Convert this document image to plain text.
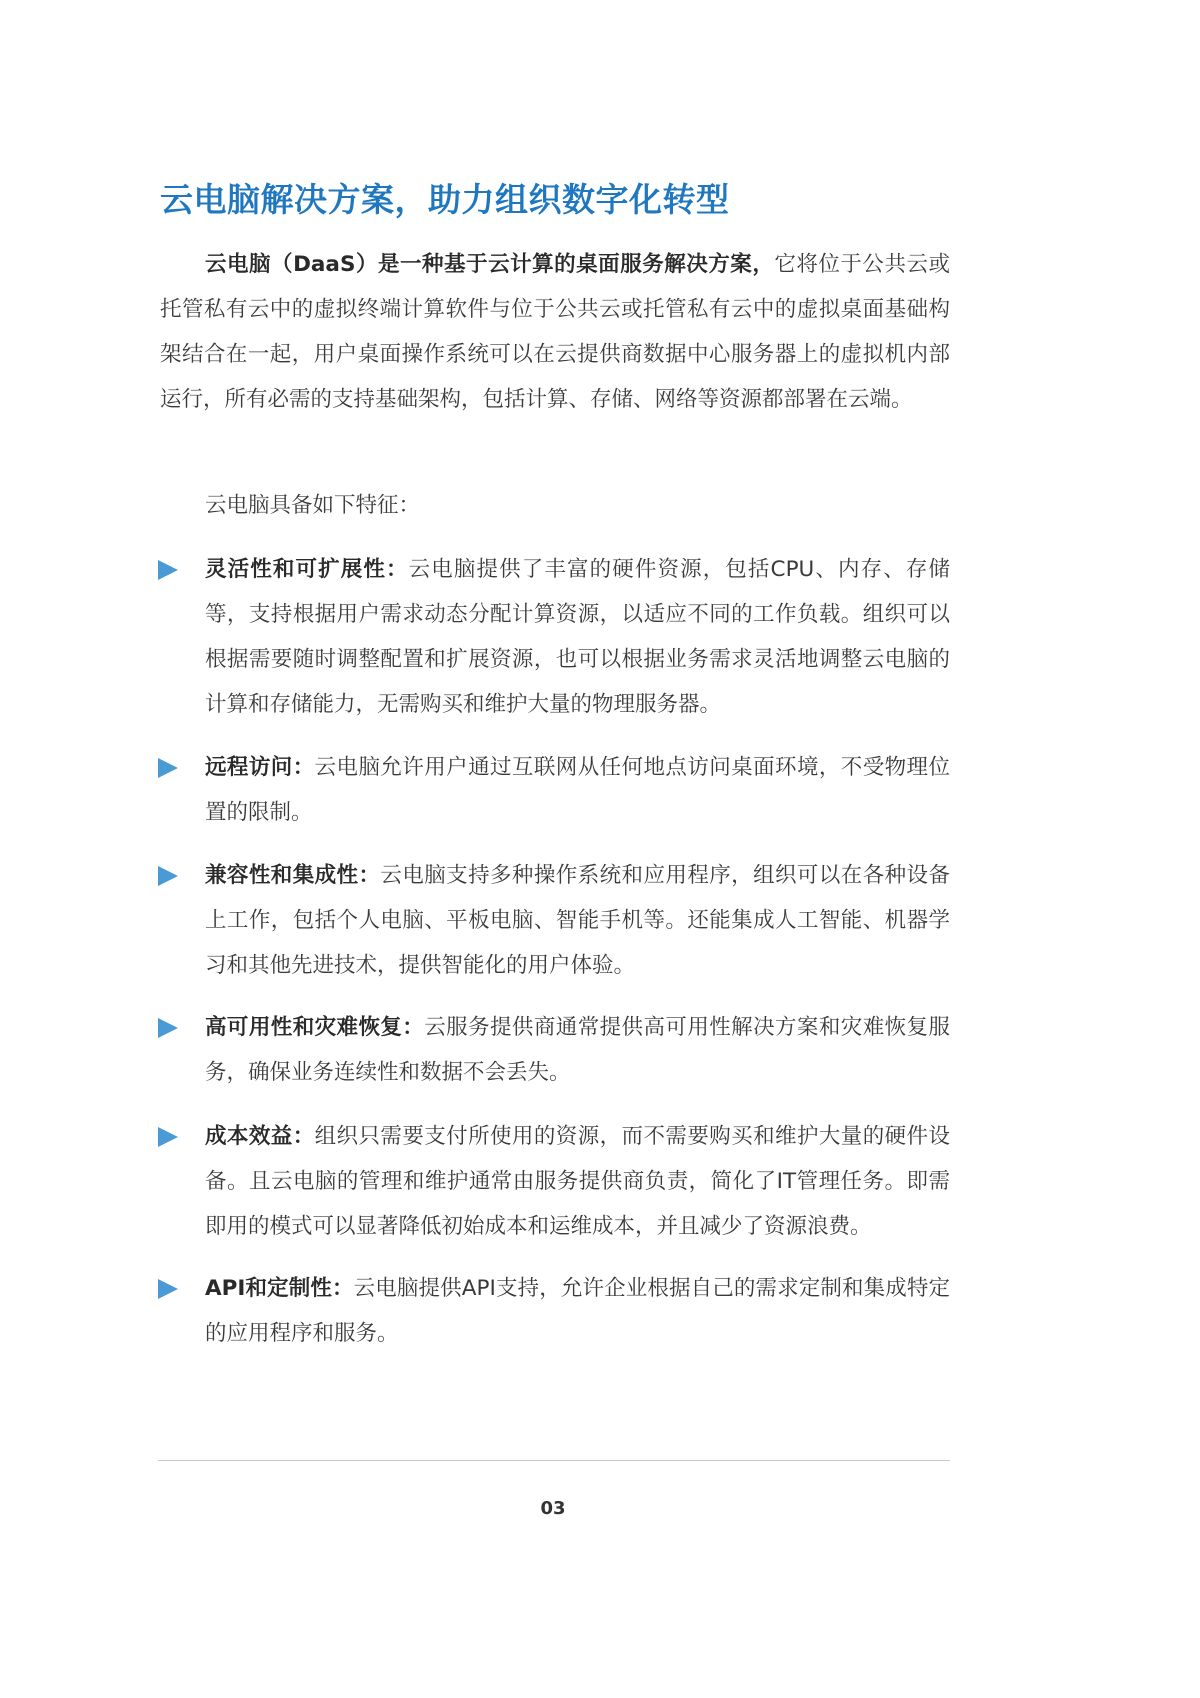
云电脑解决方案，助力组织数字化转型
云电脑（DaaS）是一种基于云计算的桌面服务解决方案，它将位于公共云或托管私有云中的虚拟终端计算软件与位于公共云或托管私有云中的虚拟桌面基础构架结合在一起，用户桌面操作系统可以在云提供商数据中心服务器上的虚拟机内部运行，所有必需的支持基础架构，包括计算、存储、网络等资源都部署在云端。
云电脑具备如下特征：
灵活性和可扩展性：云电脑提供了丰富的硬件资源，包括CPU、内存、存储等，支持根据用户需求动态分配计算资源，以适应不同的工作负载。组织可以根据需要随时调整配置和扩展资源，也可以根据业务需求灵活地调整云电脑的计算和存储能力，无需购买和维护大量的物理服务器。
远程访问：云电脑允许用户通过互联网从任何地点访问桌面环境，不受物理位置的限制。
兼容性和集成性：云电脑支持多种操作系统和应用程序，组织可以在各种设备上工作，包括个人电脑、平板电脑、智能手机等。还能集成人工智能、机器学习和其他先进技术，提供智能化的用户体验。
高可用性和灾难恢复：云服务提供商通常提供高可用性解决方案和灾难恢复服务，确保业务连续性和数据不会丢失。
成本效益：组织只需要支付所使用的资源，而不需要购买和维护大量的硬件设备。且云电脑的管理和维护通常由服务提供商负责，简化了IT管理任务。即需即用的模式可以显著降低初始成本和运维成本，并且减少了资源浪费。
API和定制性：云电脑提供API支持，允许企业根据自己的需求定制和集成特定的应用程序和服务。
03
